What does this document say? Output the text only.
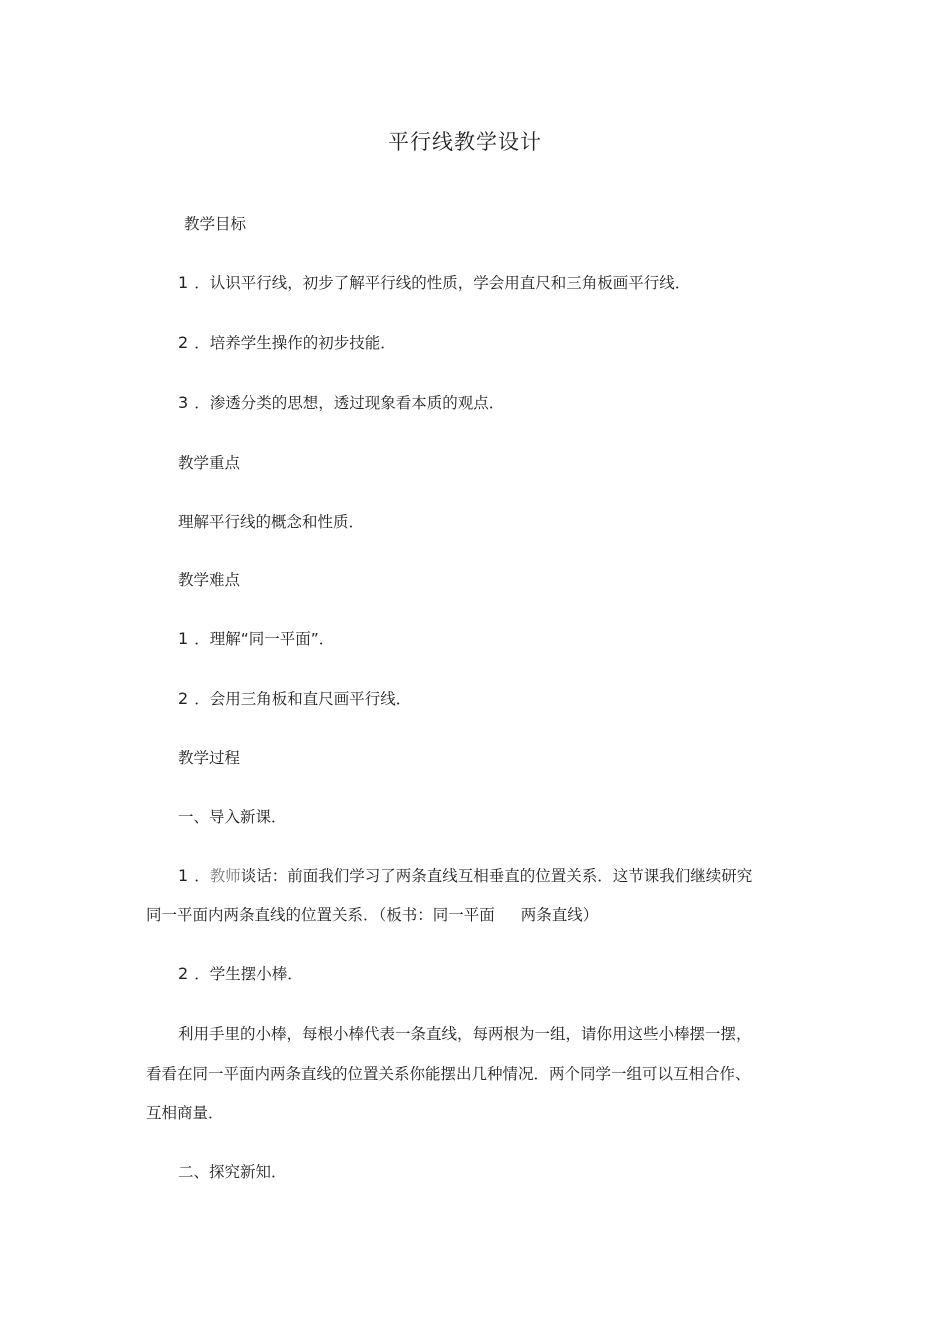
平行线教学设计
教学目标
1 ．认识平行线，初步了解平行线的性质，学会用直尺和三角板画平行线．
2 ．培养学生操作的初步技能．
3 ．渗透分类的思想，透过现象看本质的观点．
教学重点
理解平行线的概念和性质．
教学难点
1 ．理解“同一平面”．
2 ．会用三角板和直尺画平行线．
教学过程
一、导入新课．
1 ．教师谈话：前面我们学习了两条直线互相垂直的位置关系．这节课我们继续研究
同一平面内两条直线的位置关系．（板书：同一平面 两条直线）
2 ．学生摆小棒．
利用手里的小棒，每根小棒代表一条直线，每两根为一组，请你用这些小棒摆一摆，
看看在同一平面内两条直线的位置关系你能摆出几种情况．两个同学一组可以互相合作、
互相商量．
二、探究新知．
